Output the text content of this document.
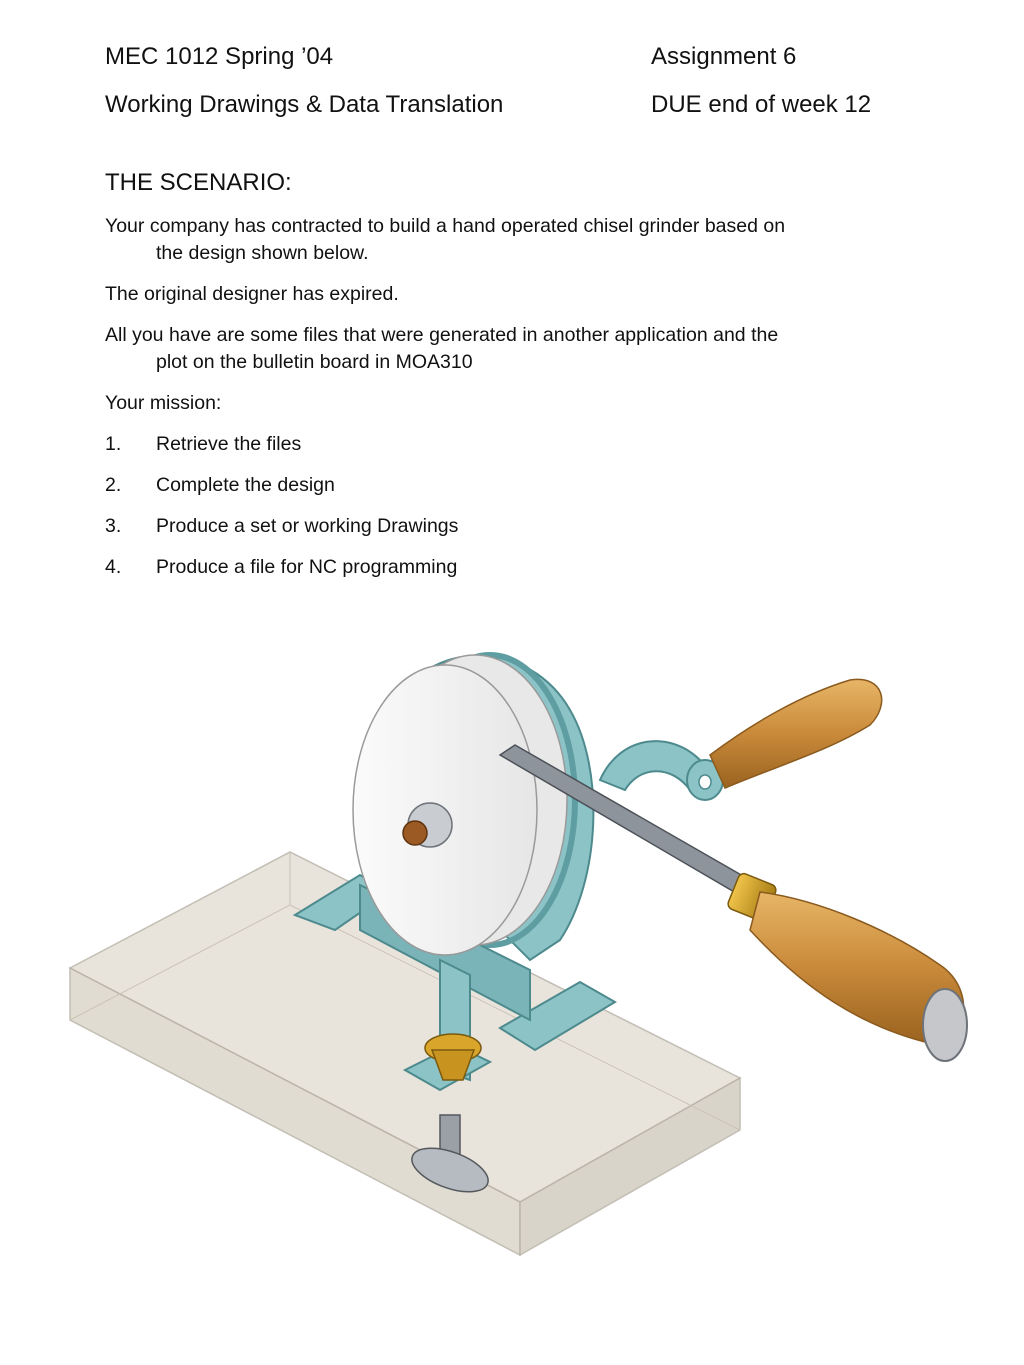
MEC 1012 Spring ’04	Assignment 6
Working Drawings & Data Translation	DUE end of week 12
THE SCENARIO:
Your company has contracted to build a hand operated chisel grinder based on
the design shown below.
The original designer has expired.
All you have are some files that were generated in another application and the
plot on the bulletin board in MOA310
Your mission:
1. Retrieve the files
2. Complete the design
3. Produce a set or working Drawings
4. Produce a file for NC programming
